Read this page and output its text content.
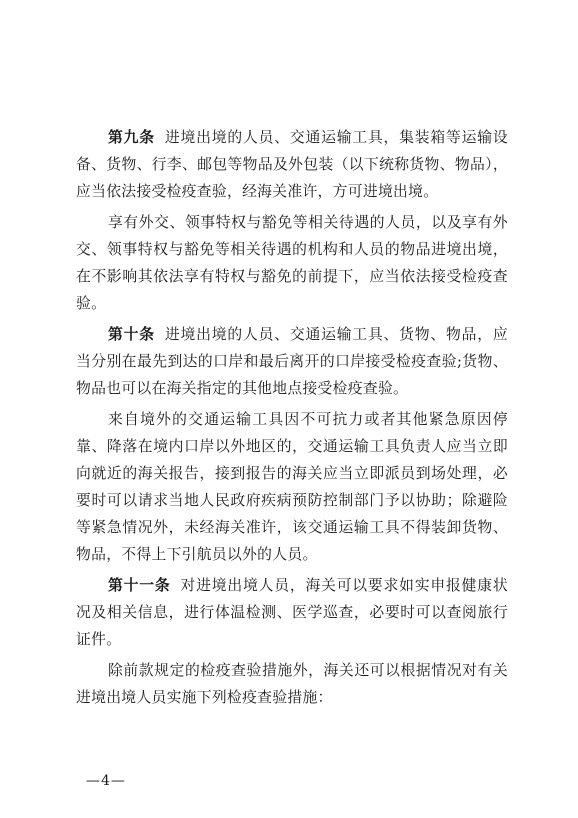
第九条 进境出境的人员、交通运输工具，集装箱等运输设备、货物、行李、邮包等物品及外包装（以下统称货物、物品），应当依法接受检疫查验，经海关准许，方可进境出境。

享有外交、领事特权与豁免等相关待遇的人员，以及享有外交、领事特权与豁免等相关待遇的机构和人员的物品进境出境，在不影响其依法享有特权与豁免的前提下，应当依法接受检疫查验。

第十条 进境出境的人员、交通运输工具、货物、物品，应当分别在最先到达的口岸和最后离开的口岸接受检疫查验;货物、物品也可以在海关指定的其他地点接受检疫查验。

来自境外的交通运输工具因不可抗力或者其他紧急原因停靠、降落在境内口岸以外地区的，交通运输工具负责人应当立即向就近的海关报告，接到报告的海关应当立即派员到场处理，必要时可以请求当地人民政府疾病预防控制部门予以协助；除避险等紧急情况外，未经海关准许，该交通运输工具不得装卸货物、物品，不得上下引航员以外的人员。

第十一条 对进境出境人员，海关可以要求如实申报健康状况及相关信息，进行体温检测、医学巡查，必要时可以查阅旅行证件。

除前款规定的检疫查验措施外，海关还可以根据情况对有关进境出境人员实施下列检疫查验措施：

—4—
